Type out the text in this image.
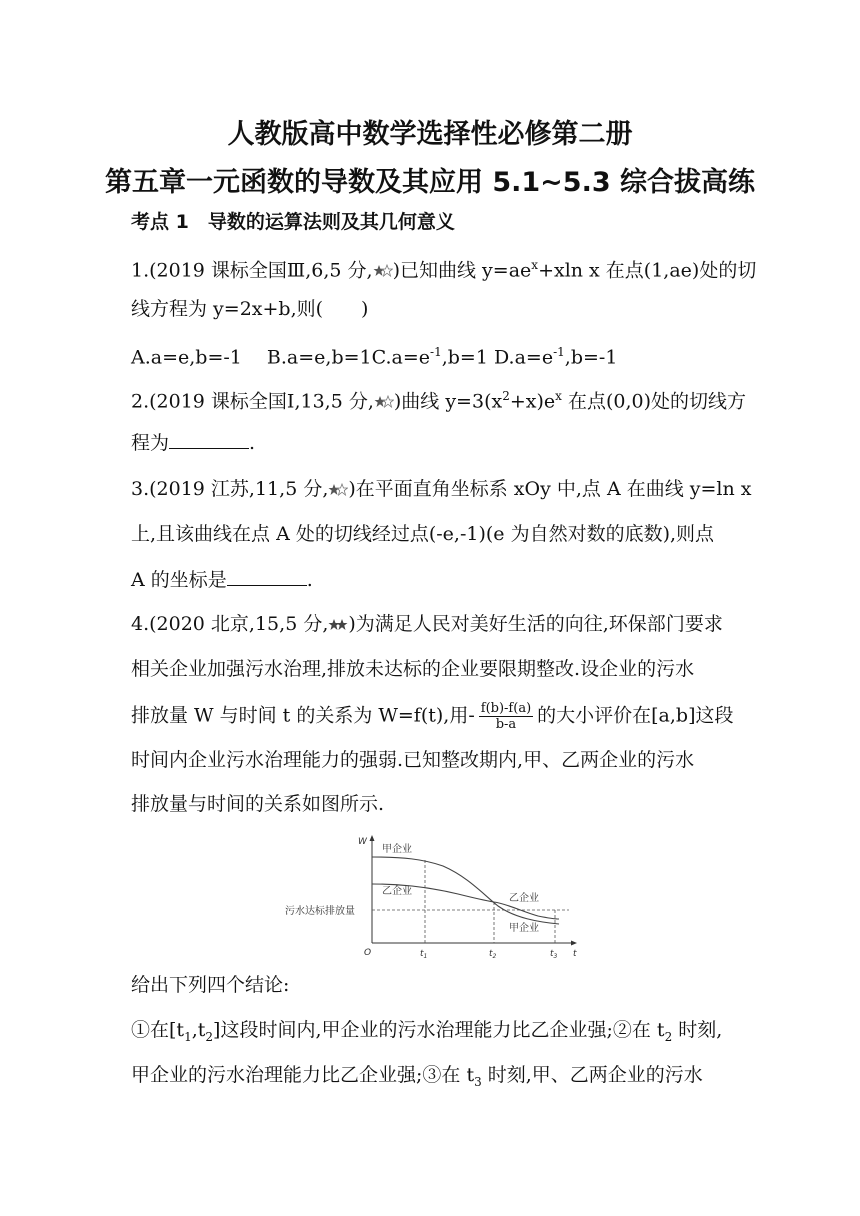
人教版高中数学选择性必修第二册
第五章一元函数的导数及其应用 5.1~5.3 综合拔高练
考点 1　导数的运算法则及其几何意义
1.(2019 课标全国Ⅲ,6,5 分, )已知曲线 $y=ae^x+xln$ x 在点(1,ae)处的切
线方程为 y=2x+b,则( )
A.a=e,b=-1　 $B.a=e,b=1C.a=e^{-1},b=1$ $D.a=e^{-1},b=-1$
2.(2019 课标全国Ⅰ,13,5 分, )曲线 $y=3(x^2+x)e^x$ 在点(0,0)处的切线方
程为	.
3.(2019 江苏,11,5 分, )在平面直角坐标系 xOy 中,点 A 在曲线 y=ln x
上,且该曲线在点 A 处的切线经过点(-e,-1)(e 为自然对数的底数),则点
A 的坐标是	.
4.(2020 北京,15,5 分, )为满足人民对美好生活的向往,环保部门要求
相关企业加强污水治理,排放未达标的企业要限期整改.设企业的污水
排放量 W 与时间 t 的关系为 W=f(t),用- $\frac{f(b)-f(a)}{b-a}$ 的大小评价在[a,b]这段
时间内企业污水治理能力的强弱.已知整改期内,甲、乙两企业的污水
排放量与时间的关系如图所示.
W
t
O
甲企业
乙企业
乙企业
甲企业
污水达标排放量
$t_1$	$t_2$	$t_3$
给出下列四个结论:
①在$[t_1,t_2]$这段时间内,甲企业的污水治理能力比乙企业强;②在 $t_2$ 时刻,
甲企业的污水治理能力比乙企业强;③在 $t_3$ 时刻,甲、乙两企业的污水
